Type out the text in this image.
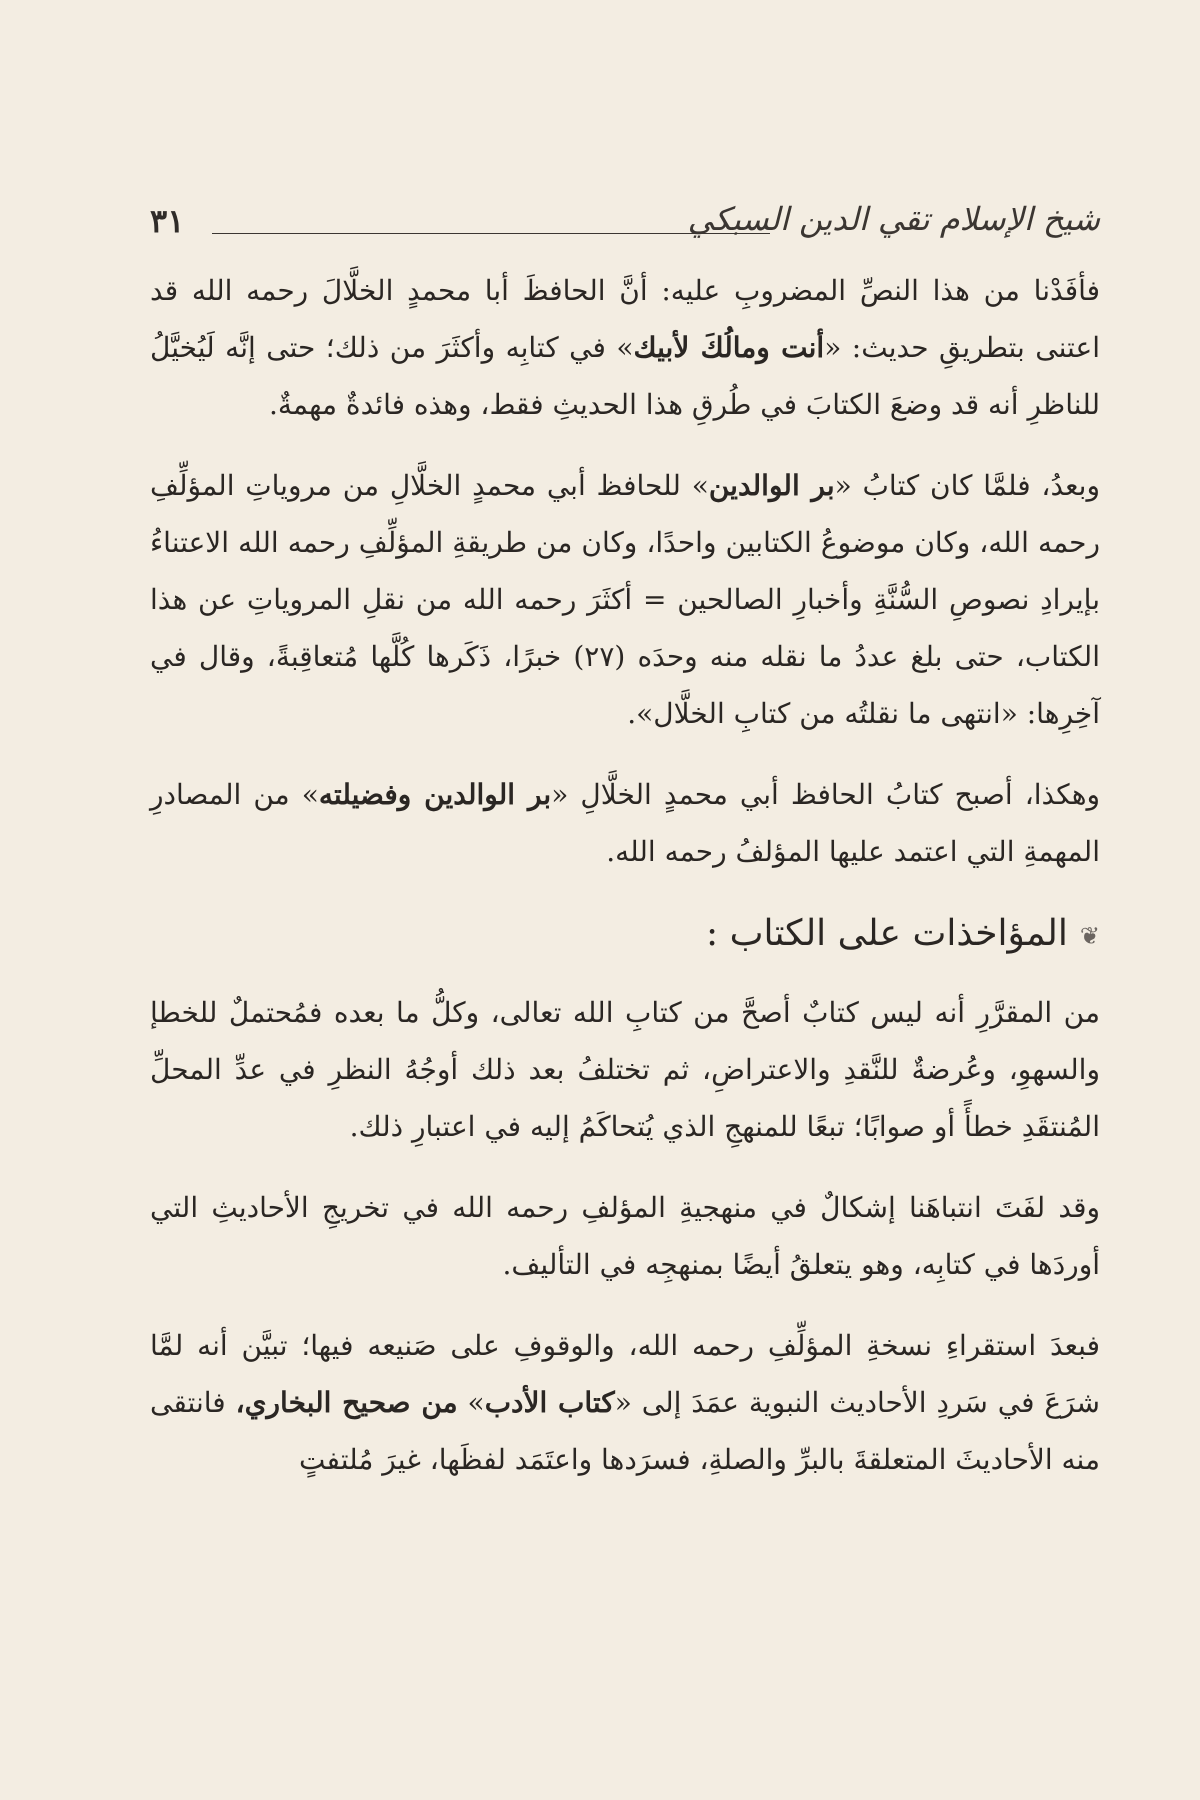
شيخ الإسلام تقي الدين السبكي
٣١

فأفَدْنا من هذا النصِّ المضروبِ عليه: أنَّ الحافظَ أبا محمدٍ الخلَّالَ رحمه الله قد اعتنى بتطريقِ حديث: «أنت ومالُكَ لأبيك» في كتابِه وأكثَرَ من ذلك؛ حتى إنَّه لَيُخيَّلُ للناظرِ أنه قد وضعَ الكتابَ في طُرقِ هذا الحديثِ فقط، وهذه فائدةٌ مهمةٌ.

وبعدُ، فلمَّا كان كتابُ «بر الوالدين» للحافظ أبي محمدٍ الخلَّالِ من مروياتِ المؤلِّفِ رحمه الله، وكان موضوعُ الكتابين واحدًا، وكان من طريقةِ المؤلِّفِ رحمه الله الاعتناءُ بإيرادِ نصوصِ السُّنَّةِ وأخبارِ الصالحين = أكثَرَ رحمه الله من نقلِ المروياتِ عن هذا الكتاب، حتى بلغ عددُ ما نقله منه وحدَه (٢٧) خبرًا، ذَكَرها كُلَّها مُتعاقِبةً، وقال في آخِرِها: «انتهى ما نقلتُه من كتابِ الخلَّال».

وهكذا، أصبح كتابُ الحافظ أبي محمدٍ الخلَّالِ «بر الوالدين وفضيلته» من المصادرِ المهمةِ التي اعتمد عليها المؤلفُ رحمه الله.

❦المؤاخذات على الكتاب :

من المقرَّرِ أنه ليس كتابٌ أصحَّ من كتابِ الله تعالى، وكلُّ ما بعده فمُحتملٌ للخطإ والسهوِ، وعُرضةٌ للنَّقدِ والاعتراضِ، ثم تختلفُ بعد ذلك أوجُهُ النظرِ في عدِّ المحلِّ المُنتقَدِ خطأً أو صوابًا؛ تبعًا للمنهجِ الذي يُتحاكَمُ إليه في اعتبارِ ذلك.

وقد لفَتَ انتباهَنا إشكالٌ في منهجيةِ المؤلفِ رحمه الله في تخريجِ الأحاديثِ التي أوردَها في كتابِه، وهو يتعلقُ أيضًا بمنهجِه في التأليف.

فبعدَ استقراءِ نسخةِ المؤلِّفِ رحمه الله، والوقوفِ على صَنيعه فيها؛ تبيَّن أنه لمَّا شرَعَ في سَردِ الأحاديث النبوية عمَدَ إلى «كتاب الأدب» من صحيح البخاري، فانتقى منه الأحاديثَ المتعلقةَ بالبرِّ والصلةِ، فسرَدها واعتَمَد لفظَها، غيرَ مُلتفتٍ
